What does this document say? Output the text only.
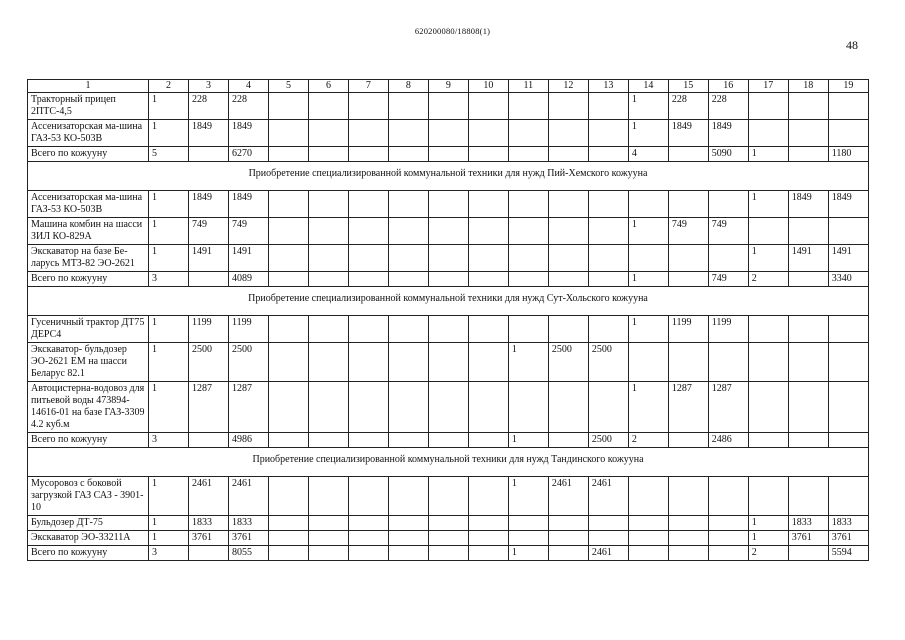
620200080/18808(1)
48
1	2	3	4	5	6	7	8	9	10	11	12	13	14	15	16	17	18	19
Тракторный прицеп 2ПТС-4,5	1	228	228										1	228	228			
Ассенизаторская ма-шина ГАЗ-53 КО-503В	1	1849	1849										1	1849	1849			
Всего по кожууну	5		6270										4		5090	1		1180
Приобретение специализированной коммунальной техники для нужд Пий-Хемского кожууна																		
Ассенизаторская ма-шина ГАЗ-53 КО-503В	1	1849	1849													1	1849	1849
Машина комбин на шасси ЗИЛ КО-829А	1	749	749										1	749	749			
Экскаватор на базе Бе-ларусь МТЗ-82 ЭО-2621	1	1491	1491													1	1491	1491
Всего по кожууну	3		4089										1		749	2		3340
Приобретение специализированной коммунальной техники для нужд Сут-Хольского кожууна																		
Гусеничный трактор ДТ75 ДЕРС4	1	1199	1199										1	1199	1199			
Экскаватор- бульдозер ЭО-2621 ЕМ на шасси Беларус 82.1	1	2500	2500							1	2500	2500						
Автоцистерна-водовоз для питьевой воды 473894-14616-01 на базе ГАЗ-3309 4.2 куб.м	1	1287	1287										1	1287	1287			
Всего по кожууну	3		4986							1		2500	2		2486			
Приобретение специализированной коммунальной техники для нужд Тандинского кожууна																		
Мусоровоз с боковой загрузкой ГАЗ САЗ - 3901-10	1	2461	2461							1	2461	2461						
Бульдозер ДТ-75	1	1833	1833													1	1833	1833
Экскаватор ЭО-33211А	1	3761	3761													1	3761	3761
Всего по кожууну	3		8055							1		2461				2		5594
